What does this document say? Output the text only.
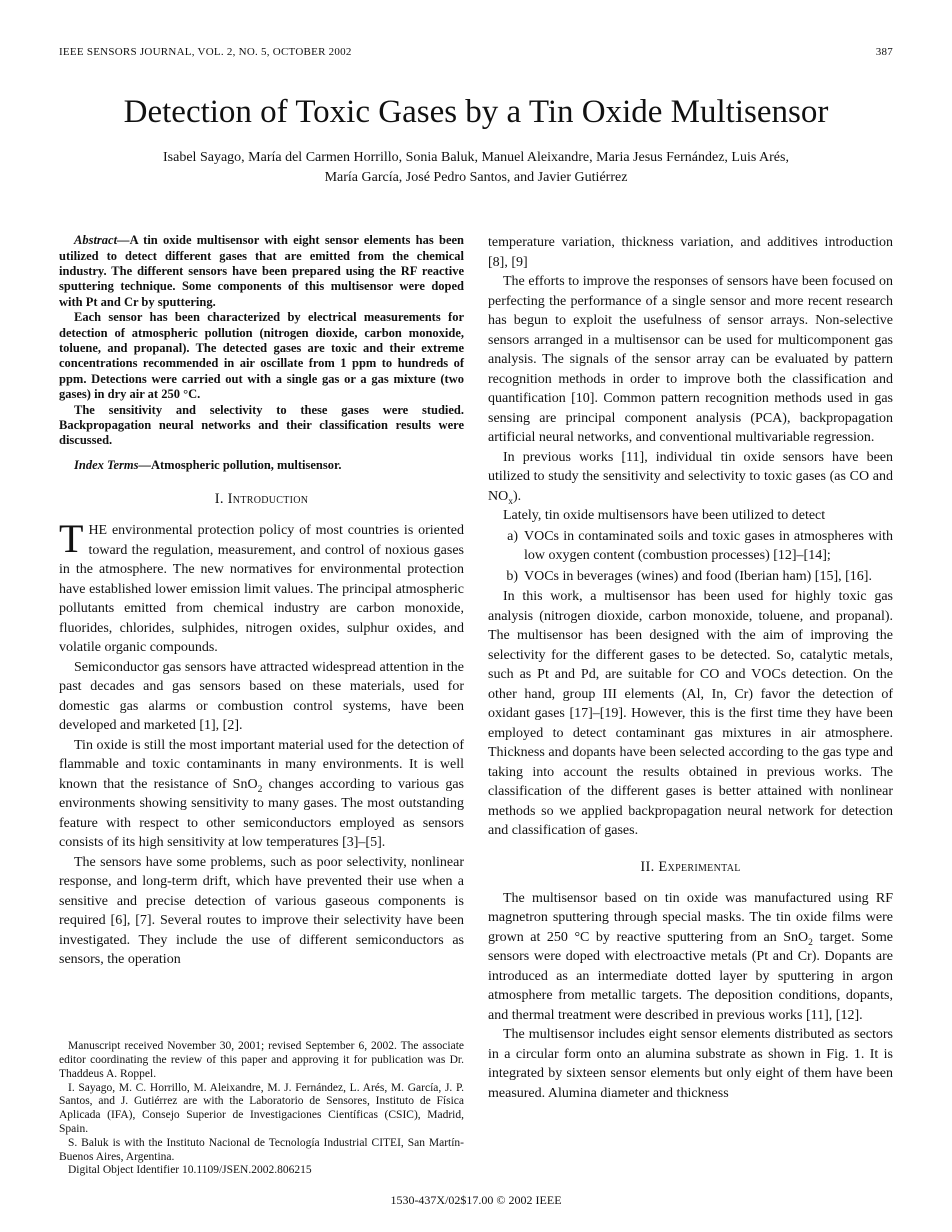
IEEE SENSORS JOURNAL, VOL. 2, NO. 5, OCTOBER 2002	387
Detection of Toxic Gases by a Tin Oxide Multisensor
Isabel Sayago, María del Carmen Horrillo, Sonia Baluk, Manuel Aleixandre, Maria Jesus Fernández, Luis Arés,
María García, José Pedro Santos, and Javier Gutiérrez

Abstract—A tin oxide multisensor with eight sensor elements has been utilized to detect different gases that are emitted from the chemical industry. The different sensors have been prepared using the RF reactive sputtering technique. Some components of this multisensor were doped with Pt and Cr by sputtering.

Each sensor has been characterized by electrical measurements for detection of atmospheric pollution (nitrogen dioxide, carbon monoxide, toluene, and propanal). The detected gases are toxic and their extreme concentrations recommended in air oscillate from 1 ppm to hundreds of ppm. Detections were carried out with a single gas or a gas mixture (two gases) in dry air at 250 °C.

The sensitivity and selectivity to these gases were studied. Backpropagation neural networks and their classification results were discussed.

Index Terms—Atmospheric pollution, multisensor.

I. Introduction

THE environmental protection policy of most countries is oriented toward the regulation, measurement, and control of noxious gases in the atmosphere. The new normatives for environmental protection have established lower emission limit values. The principal atmospheric pollutants emitted from chemical industry are carbon monoxide, fluorides, chlorides, sulphides, nitrogen oxides, sulphur oxides, and volatile organic compounds.

Semiconductor gas sensors have attracted widespread attention in the past decades and gas sensors based on these materials, used for domestic gas alarms or combustion control systems, have been developed and marketed [1], [2].

Tin oxide is still the most important material used for the detection of flammable and toxic contaminants in many environments. It is well known that the resistance of SnO$_2$ changes according to various gas environments showing sensitivity to many gases. The most outstanding feature with respect to other semiconductors employed as sensors consists of its high sensitivity at low temperatures [3]–[5].

The sensors have some problems, such as poor selectivity, nonlinear response, and long-term drift, which have prevented their use when a sensitive and precise detection of various gaseous components is required [6], [7]. Several routes to improve their selectivity have been investigated. They include the use of different semiconductors as sensors, the operation

Manuscript received November 30, 2001; revised September 6, 2002. The associate editor coordinating the review of this paper and approving it for publication was Dr. Thaddeus A. Roppel.

I. Sayago, M. C. Horrillo, M. Aleixandre, M. J. Fernández, L. Arés, M. García, J. P. Santos, and J. Gutiérrez are with the Laboratorio de Sensores, Instituto de Física Aplicada (IFA), Consejo Superior de Investigaciones Científicas (CSIC), Madrid, Spain.

S. Baluk is with the Instituto Nacional de Tecnología Industrial CITEI, San Martín-Buenos Aires, Argentina.

Digital Object Identifier 10.1109/JSEN.2002.806215

temperature variation, thickness variation, and additives introduction [8], [9]

The efforts to improve the responses of sensors have been focused on perfecting the performance of a single sensor and more recent research has begun to exploit the usefulness of sensor arrays. Non-selective sensors arranged in a multisensor can be used for multicomponent gas analysis. The signals of the sensor array can be evaluated by pattern recognition methods in order to improve both the classification and quantification [10]. Common pattern recognition methods used in gas sensing are principal component analysis (PCA), backpropagation artificial neural networks, and conventional multivariable regression.

In previous works [11], individual tin oxide sensors have been utilized to study the sensitivity and selectivity to toxic gases (as CO and $NO_x$).

Lately, tin oxide multisensors have been utilized to detect

a) VOCs in contaminated soils and toxic gases in atmospheres with low oxygen content (combustion processes) [12]–[14];
b) VOCs in beverages (wines) and food (Iberian ham) [15], [16].

In this work, a multisensor has been used for highly toxic gas analysis (nitrogen dioxide, carbon monoxide, toluene, and propanal). The multisensor has been designed with the aim of improving the selectivity for the different gases to be detected. So, catalytic metals, such as Pt and Pd, are suitable for CO and VOCs detection. On the other hand, group III elements (Al, In, Cr) favor the detection of oxidant gases [17]–[19]. However, this is the first time they have been employed to detect contaminant gas mixtures in air atmosphere. Thickness and dopants have been selected according to the gas type and taking into account the results obtained in previous works. The classification of the different gases is better attained with nonlinear methods so we applied backpropagation neural network for detection and classification of gases.

II. Experimental

The multisensor based on tin oxide was manufactured using RF magnetron sputtering through special masks. The tin oxide films were grown at 250 °C by reactive sputtering from an SnO$_2$ target. Some sensors were doped with electroactive metals (Pt and Cr). Dopants are introduced as an intermediate dotted layer by sputtering in argon atmosphere from metallic targets. The deposition conditions, dopants, and thermal treatment were described in previous works [11], [12].

The multisensor includes eight sensor elements distributed as sectors in a circular form onto an alumina substrate as shown in Fig. 1. It is integrated by sixteen sensor elements but only eight of them have been measured. Alumina diameter and thickness

1530-437X/02$17.00 © 2002 IEEE
